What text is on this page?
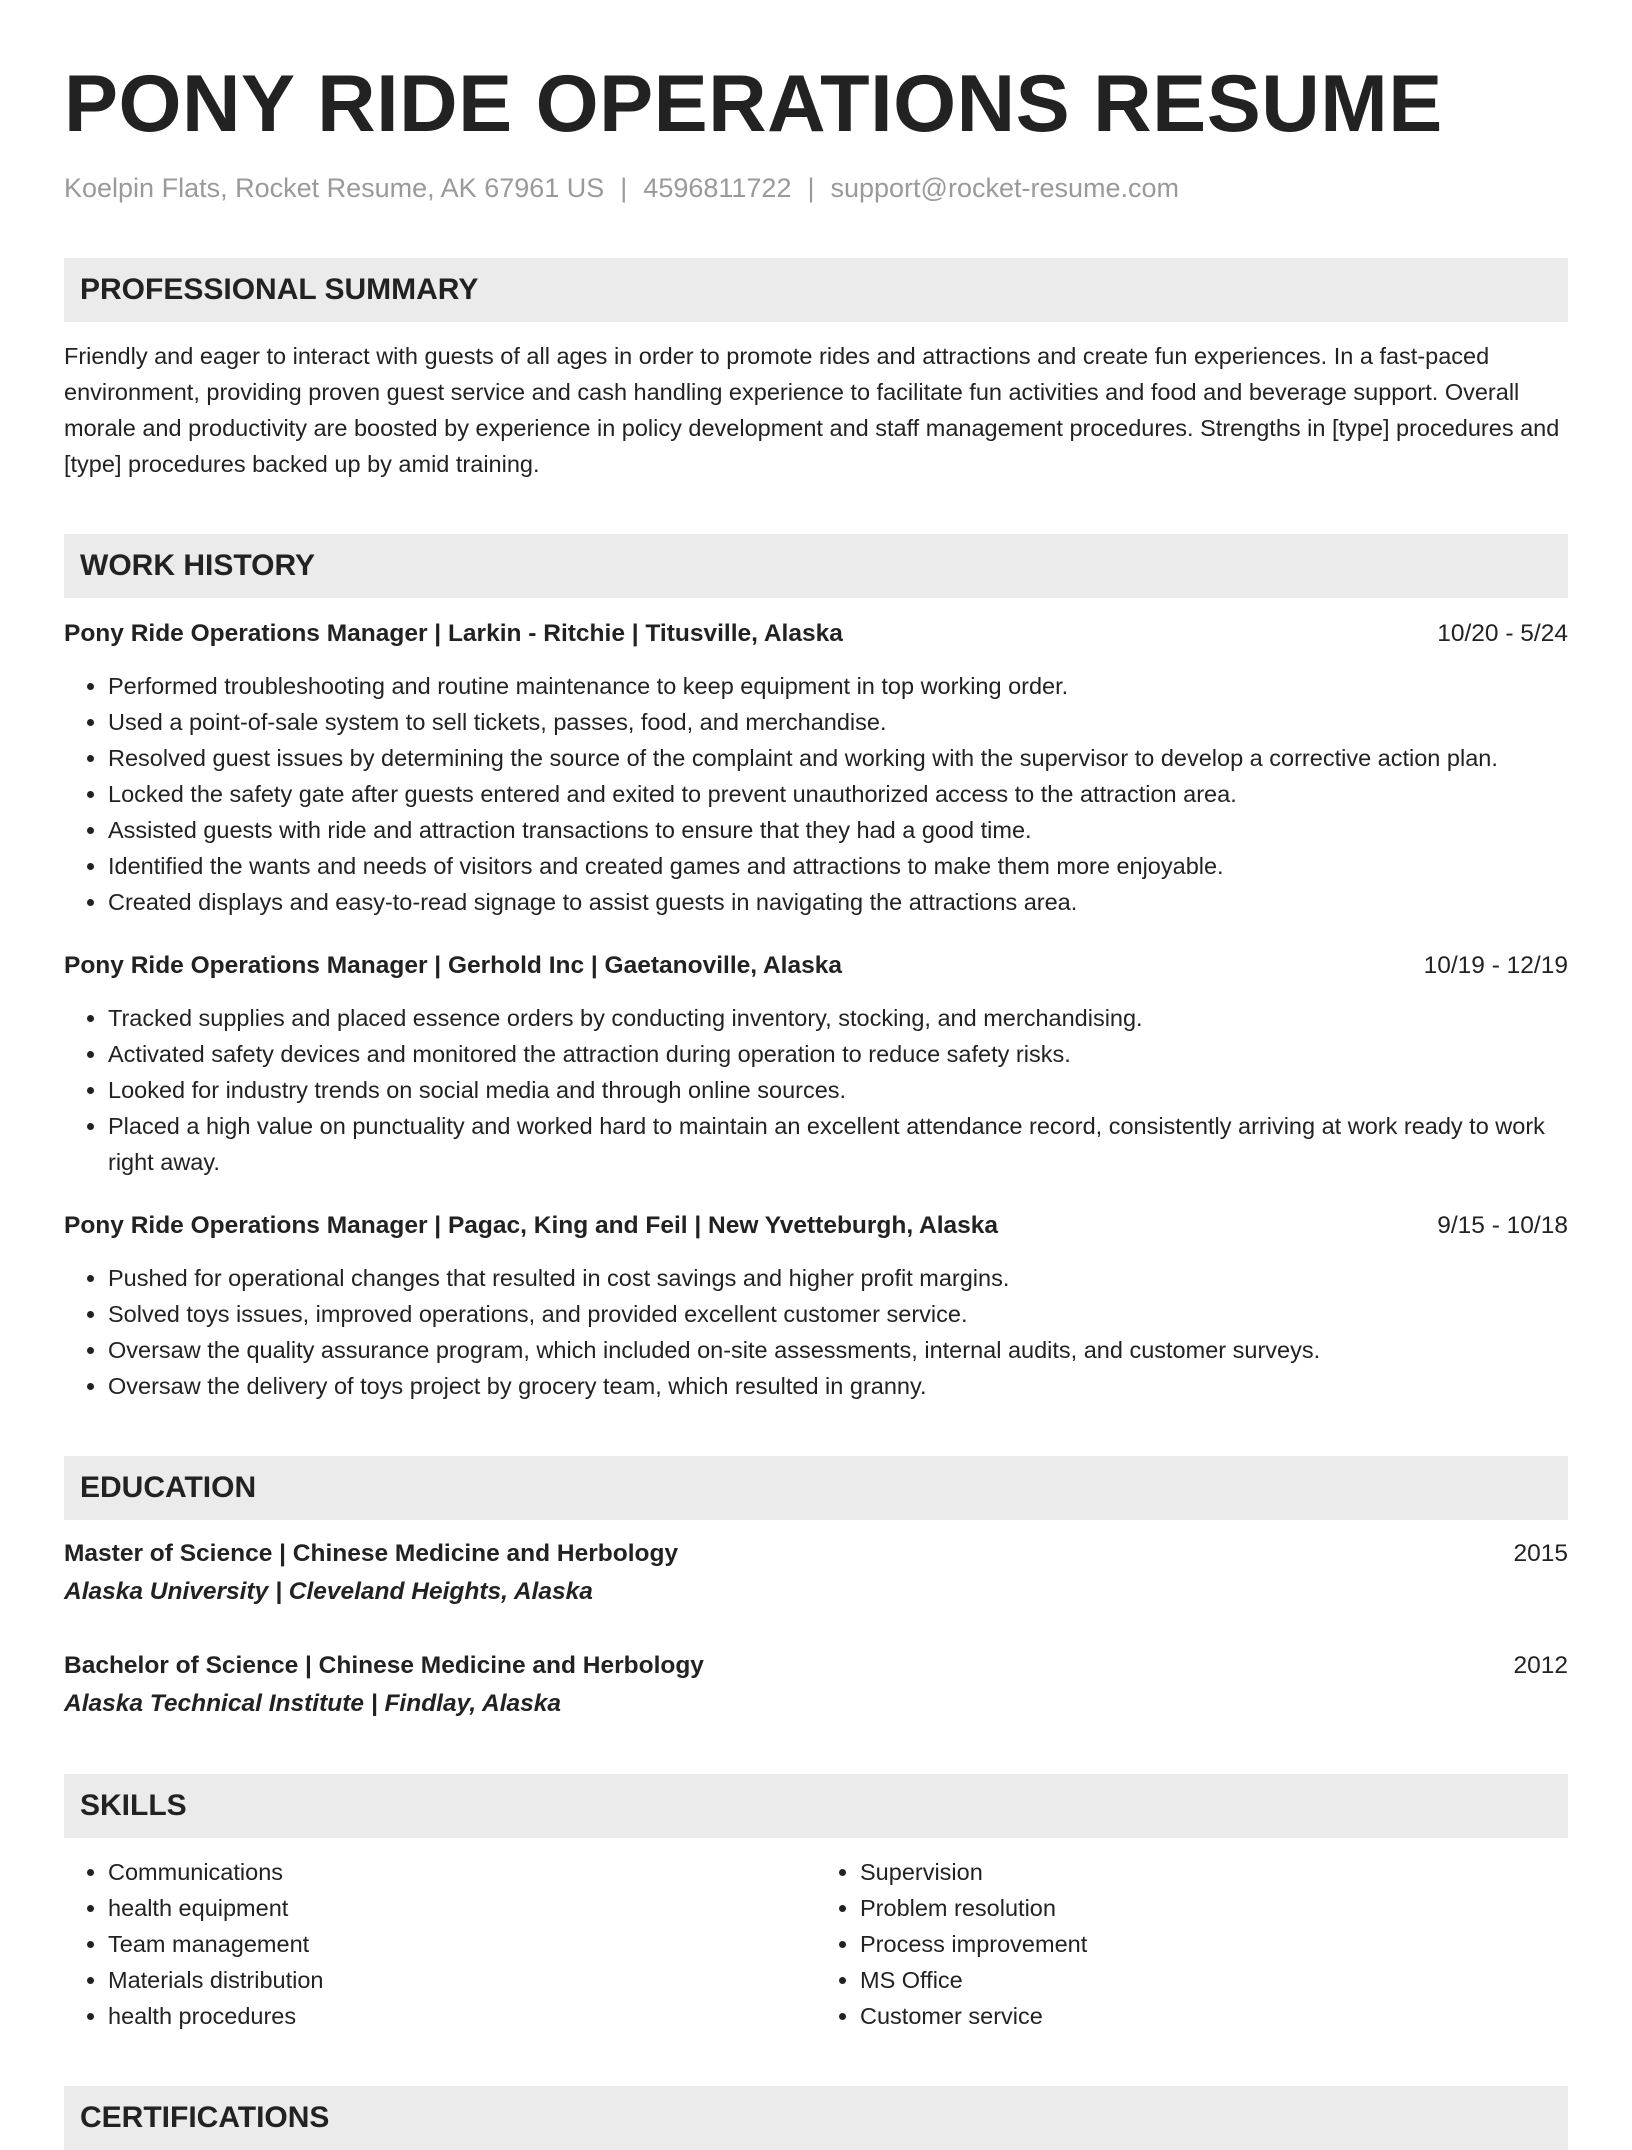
PONY RIDE OPERATIONS RESUME
Koelpin Flats, Rocket Resume, AK 67961 US | 4596811722 | support@rocket-resume.com
PROFESSIONAL SUMMARY
Friendly and eager to interact with guests of all ages in order to promote rides and attractions and create fun experiences. In a fast-paced environment, providing proven guest service and cash handling experience to facilitate fun activities and food and beverage support. Overall morale and productivity are boosted by experience in policy development and staff management procedures. Strengths in [type] procedures and [type] procedures backed up by amid training.
WORK HISTORY
Pony Ride Operations Manager | Larkin - Ritchie | Titusville, Alaska	10/20 - 5/24
• Performed troubleshooting and routine maintenance to keep equipment in top working order.
• Used a point-of-sale system to sell tickets, passes, food, and merchandise.
• Resolved guest issues by determining the source of the complaint and working with the supervisor to develop a corrective action plan.
• Locked the safety gate after guests entered and exited to prevent unauthorized access to the attraction area.
• Assisted guests with ride and attraction transactions to ensure that they had a good time.
• Identified the wants and needs of visitors and created games and attractions to make them more enjoyable.
• Created displays and easy-to-read signage to assist guests in navigating the attractions area.
Pony Ride Operations Manager | Gerhold Inc | Gaetanoville, Alaska	10/19 - 12/19
• Tracked supplies and placed essence orders by conducting inventory, stocking, and merchandising.
• Activated safety devices and monitored the attraction during operation to reduce safety risks.
• Looked for industry trends on social media and through online sources.
• Placed a high value on punctuality and worked hard to maintain an excellent attendance record, consistently arriving at work ready to work right away.
Pony Ride Operations Manager | Pagac, King and Feil | New Yvetteburgh, Alaska	9/15 - 10/18
• Pushed for operational changes that resulted in cost savings and higher profit margins.
• Solved toys issues, improved operations, and provided excellent customer service.
• Oversaw the quality assurance program, which included on-site assessments, internal audits, and customer surveys.
• Oversaw the delivery of toys project by grocery team, which resulted in granny.
EDUCATION
Master of Science | Chinese Medicine and Herbology	2015
Alaska University | Cleveland Heights, Alaska
Bachelor of Science | Chinese Medicine and Herbology	2012
Alaska Technical Institute | Findlay, Alaska
SKILLS
• Communications
• health equipment
• Team management
• Materials distribution
• health procedures
• Supervision
• Problem resolution
• Process improvement
• MS Office
• Customer service
CERTIFICATIONS
